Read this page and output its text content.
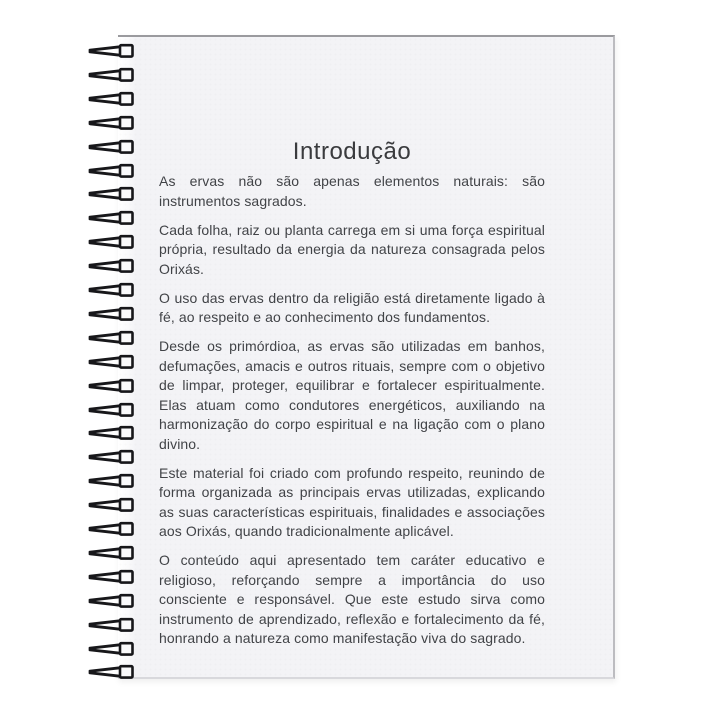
Introdução

As ervas não são apenas elementos naturais: são instrumentos sagrados.

Cada folha, raiz ou planta carrega em si uma força espiritual própria, resultado da energia da natureza consagrada pelos Orixás.

O uso das ervas dentro da religião está diretamente ligado à fé, ao respeito e ao conhecimento dos fundamentos.

Desde os primórdioa, as ervas são utilizadas em banhos, defumações, amacis e outros rituais, sempre com o objetivo de limpar, proteger, equilibrar e fortalecer espiritualmente. Elas atuam como condutores energéticos, auxiliando na harmonização do corpo espiritual e na ligação com o plano divino.

Este material foi criado com profundo respeito, reunindo de forma organizada as principais ervas utilizadas, explicando as suas características espirituais, finalidades e associações aos Orixás, quando tradicionalmente aplicável.

O conteúdo aqui apresentado tem caráter educativo e religioso, reforçando sempre a importância do uso consciente e responsável. Que este estudo sirva como instrumento de aprendizado, reflexão e fortalecimento da fé, honrando a natureza como manifestação viva do sagrado.
